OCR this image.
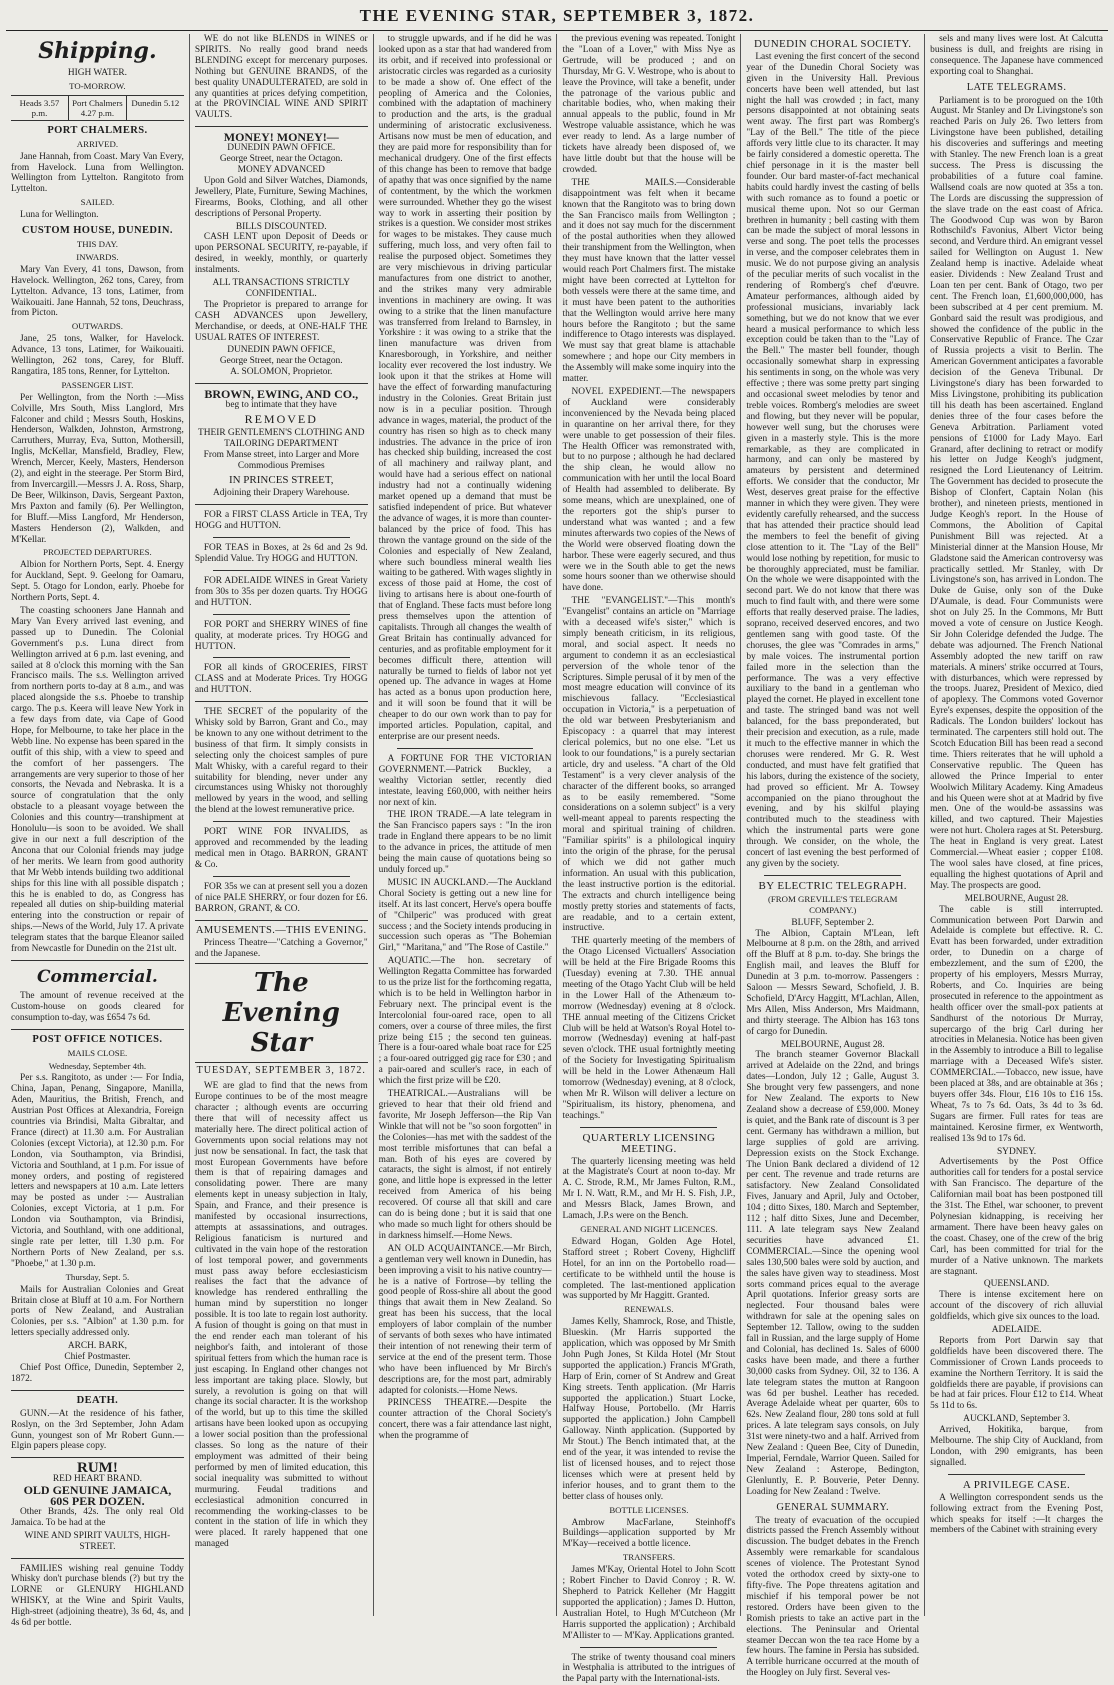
THE EVENING STAR, SEPTEMBER 3, 1872.
Shipping.
HIGH WATER.
TO-MORROW.
Heads 3.57 p.m.
Port Chalmers 4.27 p.m.
Dunedin 5.12
PORT CHALMERS.
ARRIVED.

Jane Hannah, from Coast. Mary Van Every, from Havelock. Luna from Wellington. Wellington from Lyttelton. Rangitoto from Lyttelton.

SAILED.

Luna for Wellington.

CUSTOM HOUSE, DUNEDIN.
THIS DAY.
INWARDS.

Mary Van Every, 41 tons, Dawson, from Havelock. Wellington, 262 tons, Carey, from Lyttelton. Advance, 13 tons, Latimer, from Waikouaiti. Jane Hannah, 52 tons, Deuchrass, from Picton.

OUTWARDS.

Jane, 25 tons, Walker, for Havelock. Advance, 13 tons, Latimer, for Waikouaiti. Wellington, 262 tons, Carey, for Bluff. Rangatira, 185 tons, Renner, for Lyttelton.

PASSENGER LIST.

Per Wellington, from the North :—Miss Colville, Mrs South, Miss Langlord, Mrs Falconer and child ; Messrs South, Hoskins, Henderson, Walkden, Johnston, Armstrong, Carruthers, Murray, Eva, Sutton, Mothersill, Inglis, McKellar, Mansfield, Bradley, Flew, Wrench, Mercer, Keely, Masters, Henderson (2), and eight in the steerage. Per Storm Bird, from Invercargill.—Messrs J. A. Ross, Sharp, De Beer, Wilkinson, Davis, Sergeant Paxton, Mrs Paxton and family (6). Per Wellington, for Bluff.—Miss Langford, Mr Henderson, Masters Henderson (2), Walkden, and M'Kellar.

PROJECTED DEPARTURES.

Albion for Northern Ports, Sept. 4. Energy for Auckland, Sept. 9. Geelong for Oamaru, Sept. 5. Otago for London, early. Phoebe for Northern Ports, Sept. 4.

The coasting schooners Jane Hannah and Mary Van Every arrived last evening, and passed up to Dunedin. The Colonial Government's p.s. Luna direct from Wellington arrived at 6 p.m. last evening, and sailed at 8 o'clock this morning with the San Francisco mails. The s.s. Wellington arrived from northern ports to-day at 8 a.m., and was placed alongside the s.s. Phoebe to tranship cargo. The p.s. Keera will leave New York in a few days from date, via Cape of Good Hope, for Melbourne, to take her place in the Webb line. No expense has been spared in the outfit of this ship, with a view to speed and the comfort of her passengers. The arrangements are very superior to those of her consorts, the Nevada and Nebraska. It is a source of congratulation that the only obstacle to a pleasant voyage between the Colonies and this country—transhipment at Honolulu—is soon to be avoided. We shall give in our next a full description of the Ancona that our Colonial friends may judge of her merits. We learn from good authority that Mr Webb intends building two additional ships for this line with all possible dispatch ; this he is enabled to do, as Congress has repealed all duties on ship-building material entering into the construction or repair of ships.—News of the World, July 17. A private telegram states that the barque Eleanor sailed from Newcastle for Dunedin on the 21st ult.

Commercial.

The amount of revenue received at the Custom-house on goods cleared for consumption to-day, was £654 7s 6d.

POST OFFICE NOTICES.
MAILS CLOSE.
Wednesday, September 4th.

Per s.s. Rangitoto, as under :— For India, China, Japan, Penang, Singapore, Manilla, Aden, Mauritius, the British, French, and Austrian Post Offices at Alexandria, Foreign countries via Brindisi, Malta Gibraltar, and France (direct) at 11.30 a.m. For Australian Colonies (except Victoria), at 12.30 p.m. For London, via Southampton, via Brindisi, Victoria and Southland, at 1 p.m. For issue of money orders, and posting of registered letters and newspapers at 10 a.m. Late letters may be posted as under :— Australian Colonies, except Victoria, at 1 p.m. For London via Southampton, via Brindisi, Victoria, and Southland, with one additional, single rate per letter, till 1.30 p.m. For Northern Ports of New Zealand, per s.s. "Phoebe," at 1.30 p.m.

Thursday, Sept. 5.

Mails for Australian Colonies and Great Britain close at Bluff at 10 a.m. For Northern ports of New Zealand, and Australian Colonies, per s.s. "Albion" at 1.30 p.m. for letters specially addressed only.

ARCH. BARK,
Chief Postmaster.

Chief Post Office, Dunedin, September 2, 1872.

DEATH.

GUNN.—At the residence of his father, Roslyn, on the 3rd September, John Adam Gunn, youngest son of Mr Robert Gunn.—Elgin papers please copy.

RUM!
RED HEART BRAND.
OLD GENUINE JAMAICA,
60S PER DOZEN.

Other Brands, 42s. The only real Old Jamaica. To be had at the

WINE AND SPIRIT VAULTS, HIGH-STREET.

FAMILIES wishing real genuine Toddy Whisky don't purchase blends (?) but try the LORNE or GLENURY HIGHLAND WHISKY, at the Wine and Spirit Vaults, High-street (adjoining theatre), 3s 6d, 4s, and 4s 6d per bottle.

WE do not like BLENDS in WINES or SPIRITS. No really good brand needs BLENDING except for mercenary purposes. Nothing but GENUINE BRANDS, of the best quality UNADULTERATED, are sold in any quantities at prices defying competition, at the PROVINCIAL WINE AND SPIRIT VAULTS.

MONEY! MONEY!—
DUNEDIN PAWN OFFICE.
George Street, near the Octagon.
MONEY ADVANCED

Upon Gold and Silver Watches, Diamonds, Jewellery, Plate, Furniture, Sewing Machines, Firearms, Books, Clothing, and all other descriptions of Personal Property.

BILLS DISCOUNTED.

CASH LENT upon Deposit of Deeds or upon PERSONAL SECURITY, re-payable, if desired, in weekly, monthly, or quarterly instalments.

ALL TRANSACTIONS STRICTLY CONFIDENTIAL.

The Proprietor is prepared to arrange for CASH ADVANCES upon Jewellery, Merchandise, or deeds, at ONE-HALF THE USUAL RATES OF INTEREST.

DUNEDIN PAWN OFFICE,
George Street, near the Octagon.
A. SOLOMON, Proprietor.
BROWN, EWING, AND CO.,
beg to intimate that they have
REMOVED
THEIR GENTLEMEN'S CLOTHING AND TAILORING DEPARTMENT
From Manse street, into Larger and More Commodious Premises
IN PRINCES STREET,
Adjoining their Drapery Warehouse.

FOR a FIRST CLASS Article in TEA, Try HOGG and HUTTON.

FOR TEAS in Boxes, at 2s 6d and 2s 9d. Splendid Value. Try HOGG and HUTTON.

FOR ADELAIDE WINES in Great Variety from 30s to 35s per dozen quarts. Try HOGG and HUTTON.

FOR PORT and SHERRY WINES of fine quality, at moderate prices. Try HOGG and HUTTON.

FOR all kinds of GROCERIES, FIRST CLASS and at Moderate Prices. Try HOGG and HUTTON.

THE SECRET of the popularity of the Whisky sold by Barron, Grant and Co., may be known to any one without detriment to the business of that firm. It simply consists in selecting only the choicest samples of pure Malt Whisky, with a careful regard to their suitability for blending, never under any circumstances using Whisky not thoroughly mellowed by years in the wood, and selling the blend at the lowest remunerative price.

PORT WINE FOR INVALIDS, as approved and recommended by the leading medical men in Otago. BARRON, GRANT & Co.

FOR 35s we can at present sell you a dozen of nice PALE SHERRY, or four dozen for £6. BARRON, GRANT, & CO.

AMUSEMENTS.—THIS EVENING.

Princess Theatre—"Catching a Governor," and the Japanese.

The Evening Star
TUESDAY, SEPTEMBER 3, 1872.

WE are glad to find that the news from Europe continues to be of the most meagre character ; although events are occurring there that will of necessity affect us materially here. The direct political action of Governments upon social relations may not just now be sensational. In fact, the task that most European Governments have before them is that of repairing damages and consolidating power. There are many elements kept in uneasy subjection in Italy, Spain, and France, and their presence is manifested by occasional insurrections, attempts at assassinations, and outrages. Religious fanaticism is nurtured and cultivated in the vain hope of the restoration of lost temporal power, and governments must pass away before ecclesiasticism realises the fact that the advance of knowledge has rendered enthralling the human mind by superstition no longer possible. It is too late to regain lost authority. A fusion of thought is going on that must in the end render each man tolerant of his neighbor's faith, and intolerant of those spiritual fetters from which the human race is just escaping. In England other changes not less important are taking place. Slowly, but surely, a revolution is going on that will change its social character. It is the workshop of the world, but up to this time the skilled artisans have been looked upon as occupying a lower social position than the professional classes. So long as the nature of their employment was admitted of their being performed by men of limited education, this social inequality was submitted to without murmuring. Feudal traditions and ecclesiastical admonition concurred in recommending the working-classes to be content in the station of life in which they were placed. It rarely happened that one managed

to struggle upwards, and if he did he was looked upon as a star that had wandered from its orbit, and if received into professional or aristocratic circles was regarded as a curiosity to be made a show of. One effect of the peopling of America and the Colonies, combined with the adaptation of machinery to production and the arts, is the gradual undermining of aristocratic exclusiveness. Artisans now must be men of education, and they are paid more for responsibility than for mechanical drudgery. One of the first effects of this change has been to remove that badge of apathy that was once signified by the name of contentment, by the which the workmen were surrounded. Whether they go the wisest way to work in asserting their position by strikes is a question. We consider most strikes for wages to be mistakes. They cause much suffering, much loss, and very often fail to realise the purposed object. Sometimes they are very mischievous in driving particular manufactures from one district to another, and the strikes many very admirable inventions in machinery are owing. It was owing to a strike that the linen manufacture was transferred from Ireland to Barnsley, in Yorkshire : it was owing to a strike that the linen manufacture was driven from Knaresborough, in Yorkshire, and neither locality ever recovered the lost industry. We look upon it that the strikes at Home will have the effect of forwarding manufacturing industry in the Colonies. Great Britain just now is in a peculiar position. Through advance in wages, material, the product of the country has risen so high as to check many industries. The advance in the price of iron has checked ship building, increased the cost of all machinery and railway plant, and would have had a serious effect on national industry had not a continually widening market opened up a demand that must be satisfied independent of price. But whatever the advance of wages, it is more than counter-balanced by the price of food. This has thrown the vantage ground on the side of the Colonies and especially of New Zealand, where such boundless mineral wealth lies waiting to be gathered. With wages slightly in excess of those paid at Home, the cost of living to artisans here is about one-fourth of that of England. These facts must before long press themselves upon the attention of capitalists. Through all changes the wealth of Great Britain has continually advanced for centuries, and as profitable employment for it becomes difficult there, attention will naturally be turned to fields of labor not yet opened up. The advance in wages at Home has acted as a bonus upon production here, and it will soon be found that it will be cheaper to do our own work than to pay for imported articles. Population, capital, and enterprise are our present needs.

A FORTUNE FOR THE VICTORIAN GOVERNMENT.—Patrick Buckley, a wealthy Victorian settler, recently died intestate, leaving £60,000, with neither heirs nor next of kin.

THE IRON TRADE.—A late telegram in the San Francisco papers says : "In the iron trade in England there appears to be no limit to the advance in prices, the attitude of men being the main cause of quotations being so unduly forced up."

MUSIC IN AUCKLAND.—The Auckland Choral Society is getting out a new line for itself. At its last concert, Herve's opera bouffe of "Chilperic" was produced with great success ; and the Society intends producing in succession such operas as "The Bohemian Girl," "Maritana," and "The Rose of Castile."

AQUATIC.—The hon. secretary of Wellington Regatta Committee has forwarded to us the prize list for the forthcoming regatta, which is to be held in Wellington harbor in February next. The principal event is the Intercolonial four-oared race, open to all comers, over a course of three miles, the first prize being £15 ; the second ten guineas. There is a four-oared whale boat race for £25 ; a four-oared outrigged gig race for £30 ; and a pair-oared and sculler's race, in each of which the first prize will be £20.

THEATRICAL.—Australians will be grieved to hear that their old friend and favorite, Mr Joseph Jefferson—the Rip Van Winkle that will not be "so soon forgotten" in the Colonies—has met with the saddest of the most terrible misfortunes that can befal a man. Both of his eyes are covered by cataracts, the sight is almost, if not entirely gone, and little hope is expressed in the letter received from America of his being recovered. Of course all that skill and care can do is being done ; but it is said that one who made so much light for others should be in darkness himself.—Home News.

AN OLD ACQUAINTANCE.—Mr Birch, a gentleman very well known in Dunedin, has been improving a visit to his native country—he is a native of Fortrose—by telling the good people of Ross-shire all about the good things that await them in New Zealand. So great has been his success, that the local employers of labor complain of the number of servants of both sexes who have intimated their intention of not renewing their term of service at the end of the present term. Those who have been influenced by Mr Birch's descriptions are, for the most part, admirably adapted for colonists.—Home News.

PRINCESS THEATRE.—Despite the counter attraction of the Choral Society's concert, there was a fair attendance last night, when the programme of

the previous evening was repeated. Tonight the "Loan of a Lover," with Miss Nye as Gertrude, will be produced ; and on Thursday, Mr G. V. Westrope, who is about to leave the Province, will take a benefit, under the patronage of the various public and charitable bodies, who, when making their annual appeals to the public, found in Mr Westrope valuable assistance, which he was ever ready to lend. As a large number of tickets have already been disposed of, we have little doubt but that the house will be crowded.

THE MAILS.—Considerable disappointment was felt when it became known that the Rangitoto was to bring down the San Francisco mails from Wellington ; and it does not say much for the discernment of the postal authorities when they allowed their transhipment from the Wellington, when they must have known that the latter vessel would reach Port Chalmers first. The mistake might have been corrected at Lyttelton for both vessels were there at the same time, and it must have been patent to the authorities that the Wellington would arrive here many hours before the Rangitoto ; but the same indifference to Otago interests was displayed. We must say that great blame is attachable somewhere ; and hope our City members in the Assembly will make some inquiry into the matter.

NOVEL EXPEDIENT.—The newspapers of Auckland were considerably inconvenienced by the Nevada being placed in quarantine on her arrival there, for they were unable to get possession of their files. The Health Officer was remonstrated with, but to no purpose ; although he had declared the ship clean, he would allow no communication with her until the local Board of Health had assembled to deliberate. By some means, which are unexplained, one of the reporters got the ship's purser to understand what was wanted ; and a few minutes afterwards two copies of the News of the World were observed floating down the harbor. These were eagerly secured, and thus were we in the South able to get the news some hours sooner than we otherwise should have done.

THE "EVANGELIST."—This month's "Evangelist" contains an article on "Marriage with a deceased wife's sister," which is simply beneath criticism, in its religious, moral, and social aspect. It needs no argument to condemn it as an ecclesiastical perversion of the whole tenor of the Scriptures. Simple perusal of it by men of the most meagre education will convince of its mischievous fallacy. "Ecclesiastical occupation in Victoria," is a perpetuation of the old war between Presbyterianism and Episcopacy : a quarrel that may interest clerical polemics, but no one else. "Let us look to our foundations," is a purely sectarian article, dry and useless. "A chart of the Old Testament" is a very clever analysis of the character of the different books, so arranged as to be easily remembered. "Some considerations on a solemn subject" is a very well-meant appeal to parents respecting the moral and spiritual training of children. "Familiar spirits" is a philological inquiry into the origin of the phrase, for the perusal of which we did not gather much information. An usual with this publication, the least instructive portion is the editorial. The extracts and church intelligence being mostly pretty stories and statements of facts, are readable, and to a certain extent, instructive.

THE quarterly meeting of the members of the Otago Licensed Victuallers' Association will be held at the Fire Brigade Rooms this (Tuesday) evening at 7.30. THE annual meeting of the Otago Yacht Club will be held in the Lower Hall of the Athenæum to-morrow (Wednesday) evening at 8 o'clock. THE annual meeting of the Citizens Cricket Club will be held at Watson's Royal Hotel to-morrow (Wednesday) evening at half-past seven o'clock. THE usual fortnightly meeting of the Society for Investigating Spiritualism will be held in the Lower Athenæum Hall tomorrow (Wednesday) evening, at 8 o'clock, when Mr R. Wilson will deliver a lecture on "Spiritualism, its history, phenomena, and teachings."

QUARTERLY LICENSING MEETING.

The quarterly licensing meeting was held at the Magistrate's Court at noon to-day. Mr A. C. Strode, R.M., Mr James Fulton, R.M., Mr I. N. Watt, R.M., and Mr H. S. Fish, J.P., and Messrs Black, James Brown, and Lamach, J.P.s were on the Bench.

GENERAL AND NIGHT LICENCES.

Edward Hogan, Golden Age Hotel, Stafford street ; Robert Coveny, Highcliff Hotel, for an inn on the Portobello road—certificate to be withheld until the house is completed. The last-mentioned application was supported by Mr Haggitt. Granted.

RENEWALS.

James Kelly, Shamrock, Rose, and Thistle, Blueskin. (Mr Harris supported the application, which was opposed by Mr Smith John Pugh Jones, St Kilda Hotel (Mr Stout supported the application.) Francis M'Grath, Harp of Erin, corner of St Andrew and Great King streets. Tenth application. (Mr Harris supported the application.) Stuart Locke, Halfway House, Portobello. (Mr Harris supported the application.) John Campbell Galloway. Ninth application. (Supported by Mr Stout.) The Bench intimated that, at the end of the year, it was intended to revise the list of licensed houses, and to reject those licenses which were at present held by inferior houses, and to grant them to the better class of houses only.

BOTTLE LICENSES.

Ambrow MacFarlane, Steinhoff's Buildings—application supported by Mr M'Kay—received a bottle licence.

TRANSFERS.

James M'Kay, Oriental Hotel to John Scott ; Robert Fincher to David Conroy ; R. W. Shepherd to Patrick Kelleher (Mr Haggitt supported the application) ; James D. Hutton, Australian Hotel, to Hugh M'Cutcheon (Mr Harris supported the application) ; Archibald M'Allister to — M'Kay. Applications granted.

The strike of twenty thousand coal miners in Westphalia is attributed to the intrigues of the Papal party with the International-ists.

DUNEDIN CHORAL SOCIETY.

Last evening the first concert of the second year of the Dunedin Choral Society was given in the University Hall. Previous concerts have been well attended, but last night the hall was crowded ; in fact, many persons disappointed at not obtaining seats went away. The first part was Romberg's "Lay of the Bell." The title of the piece affords very little clue to its character. It may be fairly considered a domestic operetta. The chief personage in it is the master bell founder. Our bard master-of-fact mechanical habits could hardly invest the casting of bells with such romance as to found a poetic or musical theme upon. Not so our German brethren in humanity ; bell casting with them can be made the subject of moral lessons in verse and song. The poet tells the processes in verse, and the composer celebrates them in music. We do not purpose giving an analysis of the peculiar merits of such vocalist in the rendering of Romberg's chef d'œuvre. Amateur performances, although aided by professional musicians, invariably lack something, but we do not know that we ever heard a musical performance to which less exception could be taken than to the "Lay of the Bell." The master bell founder, though occasionally somewhat sharp in expressing his sentiments in song, on the whole was very effective ; there was some pretty part singing and occasional sweet melodies by tenor and treble voices. Romberg's melodies are sweet and flowing, but they never will be popular, however well sung, but the choruses were given in a masterly style. This is the more remarkable, as they are complicated in harmony, and can only be mastered by amateurs by persistent and determined efforts. We consider that the conductor, Mr West, deserves great praise for the effective manner in which they were given. They were evidently carefully rehearsed, and the success that has attended their practice should lead the members to feel the benefit of giving close attention to it. The "Lay of the Bell" would lose nothing by repetition, for music to be thoroughly appreciated, must be familiar. On the whole we were disappointed with the second part. We do not know that there was much to find fault with, and there were some efforts that really deserved praise. The ladies, soprano, received deserved encores, and two gentlemen sang with good taste. Of the choruses, the glee was "Comrades in arms," by male voices. The instrumental portion failed more in the selection than the performance. The was a very effective auxiliary to the band in a gentleman who played the cornet. He played in excellent tone and taste. The stringed band was not well balanced, for the bass preponderated, but their precision and execution, as a rule, made it much to the effective manner in which the choruses were rendered. Mr G. R. West conducted, and must have felt gratified that his labors, during the existence of the society, had proved so efficient. Mr A. Towsey accompanied on the piano throughout the evening, and by his skilful playing contributed much to the steadiness with which the instrumental parts were gone through. We consider, on the whole, the concert of last evening the best performed of any given by the society.

BY ELECTRIC TELEGRAPH.
(FROM GREVILLE'S TELEGRAM COMPANY.)
BLUFF, September 2.

The Albion, Captain M'Lean, left Melbourne at 8 p.m. on the 28th, and arrived off the Bluff at 8 p.m. to-day. She brings the English mail, and leaves the Bluff for Dunedin at 3 p.m. to-morrow. Passengers : Saloon — Messrs Seward, Schofield, J. B. Schofield, D'Arcy Haggitt, M'Lachlan, Allen, Mrs Allen, Miss Anderson, Mrs Maidmann, and thirty steerage. The Albion has 163 tons of cargo for Dunedin.

MELBOURNE, August 28.

The branch steamer Governor Blackall arrived at Adelaide on the 22nd, and brings dates—London, July 12 ; Galle, August 3. She brought very few passengers, and none for New Zealand. The exports to New Zealand show a decrease of £59,000. Money is quiet, and the Bank rate of discount is 3 per cent. Germany has withdrawn a million, but large supplies of gold are arriving. Depression exists on the Stock Exchange. The Union Bank declared a dividend of 12 per cent. The revenue and trade returns are satisfactory. New Zealand Consolidated Fives, January and April, July and October, 104 ; ditto Sixes, 180. March and September, 112 ; half ditto Sixes, June and December, 111. A late telegram says New Zealand securities have advanced £1. COMMERCIAL.—Since the opening wool sales 130,500 bales were sold by auction, and the sales have given way to steadiness. Most sorts command prices equal to the average April quotations. Inferior greasy sorts are neglected. Four thousand bales were withdrawn for sale at the opening sales on September 12. Tallow, owing to the sudden fall in Russian, and the large supply of Home and Colonial, has declined 1s. Sales of 6000 casks have been made, and there a further 30,000 casks from Sydney. Oil, 32 to 136. A late telegram states the mutton at Rangoon was 6d per bushel. Leather has receded. Average Adelaide wheat per quarter, 60s to 62s. New Zealand flour, 280 tons sold at full prices. A late telegram says consols, on July 31st were ninety-two and a half. Arrived from New Zealand : Queen Bee, City of Dunedin, Imperial, Ferndale, Warrior Queen. Sailed for New Zealand : Asterope, Bedington, Glenluntly, E. P. Bouverie, Peter Denny. Loading for New Zealand : Twelve.

GENERAL SUMMARY.

The treaty of evacuation of the occupied districts passed the French Assembly without discussion. The budget debates in the French Assembly were remarkable for scandalous scenes of violence. The Protestant Synod voted the orthodox creed by sixty-one to fifty-five. The Pope threatens agitation and mischief if his temporal power be not restored. Orders have been given to the Romish priests to take an active part in the elections. The Peninsular and Oriental steamer Deccan won the tea race Home by a few hours. The famine in Persia has subsided. A terrible hurricane occurred at the mouth of the Hoogley on July first. Several ves-

sels and many lives were lost. At Calcutta business is dull, and freights are rising in consequence. The Japanese have commenced exporting coal to Shanghai.

LATE TELEGRAMS.

Parliament is to be prorogued on the 10th August. Mr Stanley and Dr Livingstone's son reached Paris on July 26. Two letters from Livingstone have been published, detailing his discoveries and sufferings and meeting with Stanley. The new French loan is a great success. The Press is discussing the probabilities of a future coal famine. Wallsend coals are now quoted at 35s a ton. The Lords are discussing the suppression of the slave trade on the east coast of Africa. The Goodwood Cup was won by Baron Rothschild's Favonius, Albert Victor being second, and Verdure third. An emigrant vessel sailed for Wellington on August 1. New Zealand hemp is inactive. Adelaide wheat easier. Dividends : New Zealand Trust and Loan ten per cent. Bank of Otago, two per cent. The French loan, £1,600,000,000, has been subscribed at 4 per cent premium. M. Gonbard said the result was prodigious, and showed the confidence of the public in the Conservative Republic of France. The Czar of Russia projects a visit to Berlin. The American Government anticipates a favorable decision of the Geneva Tribunal. Dr Livingstone's diary has been forwarded to Miss Livingstone, prohibiting its publication till his death has been ascertained. England denies three of the four cases before the Geneva Arbitration. Parliament voted pensions of £1000 for Lady Mayo. Earl Granard, after declining to retract or modify his letter on Judge Keogh's judgment, resigned the Lord Lieutenancy of Leitrim. The Government has decided to prosecute the Bishop of Clonfert, Captain Nolan (his brother), and nineteen priests, mentioned in Judge Keogh's report. In the House of Commons, the Abolition of Capital Punishment Bill was rejected. At a Ministerial dinner at the Mansion House, Mr Gladstone said the American controversy was practically settled. Mr Stanley, with Dr Livingstone's son, has arrived in London. The Duke de Guise, only son of the Duke D'Aumale, is dead. Four Communists were shot on July 25. In the Commons, Mr Butt moved a vote of censure on Justice Keogh. Sir John Coleridge defended the Judge. The debate was adjourned. The French National Assembly adopted the new tariff on raw materials. A miners' strike occurred at Tours, with disturbances, which were repressed by the troops. Juarez, President of Mexico, died of apoplexy. The Commons voted Governor Eyre's expenses, despite the opposition of the Radicals. The London builders' lockout has terminated. The carpenters still hold out. The Scotch Education Bill has been read a second time. Thiers reiterates that he will uphold a Conservative republic. The Queen has allowed the Prince Imperial to enter Woolwich Military Academy. King Amadeus and his Queen were shot at at Madrid by five men. One of the would-be assassins was killed, and two captured. Their Majesties were not hurt. Cholera rages at St. Petersburg. The heat in England is very great. Latest Commercial.—Wheat easier ; copper £108. The wool sales have closed, at fine prices, equalling the highest quotations of April and May. The prospects are good.

MELBOURNE, August 28.

The cable is still interrupted. Communication between Port Darwin and Adelaide is complete but effective. R. C. Evatt has been forwarded, under extradition order, to Dunedin on a charge of embezzlement, and the sum of £200, the property of his employers, Messrs Murray, Roberts, and Co. Inquiries are being prosecuted in reference to the appointment as health officer over the small-pox patients at Sandhurst of the notorious Dr Murray, supercargo of the brig Carl during her atrocities in Melanesia. Notice has been given in the Assembly to introduce a Bill to legalise marriage with a Deceased Wife's sister. COMMERCIAL.—Tobacco, new issue, have been placed at 38s, and are obtainable at 36s ; buyers offer 34s. Flour, £16 10s to £16 15s. Wheat, 7s to 7s 6d. Oats, 3s 4d to 3s 6d. Sugars are firmer. Full rates for teas are maintained. Kerosine firmer, ex Wentworth, realised 13s 9d to 17s 6d.

SYDNEY.

Advertisements by the Post Office authorities call for tenders for a postal service with San Francisco. The departure of the Californian mail boat has been postponed till the 31st. The Ethel, war schooner, to prevent Polynesian kidnapping, is receiving her armament. There have been heavy gales on the coast. Chasey, one of the crew of the brig Carl, has been committed for trial for the murder of a Native unknown. The markets are stagnant.

QUEENSLAND.

There is intense excitement here on account of the discovery of rich alluvial goldfields, which give six ounces to the load.

ADELAIDE.

Reports from Port Darwin say that goldfields have been discovered there. The Commissioner of Crown Lands proceeds to examine the Northern Territory. It is said the goldfields there are payable, if provisions can be had at fair prices. Flour £12 to £14. Wheat 5s 11d to 6s.

AUCKLAND, September 3.

Arrived, Hokitika, barque, from Melbourne. The ship City of Auckland, from London, with 290 emigrants, has been signalled.

A PRIVILEGE CASE.

A Wellington correspondent sends us the following extract from the Evening Post, which speaks for itself :—It charges the members of the Cabinet with straining every
